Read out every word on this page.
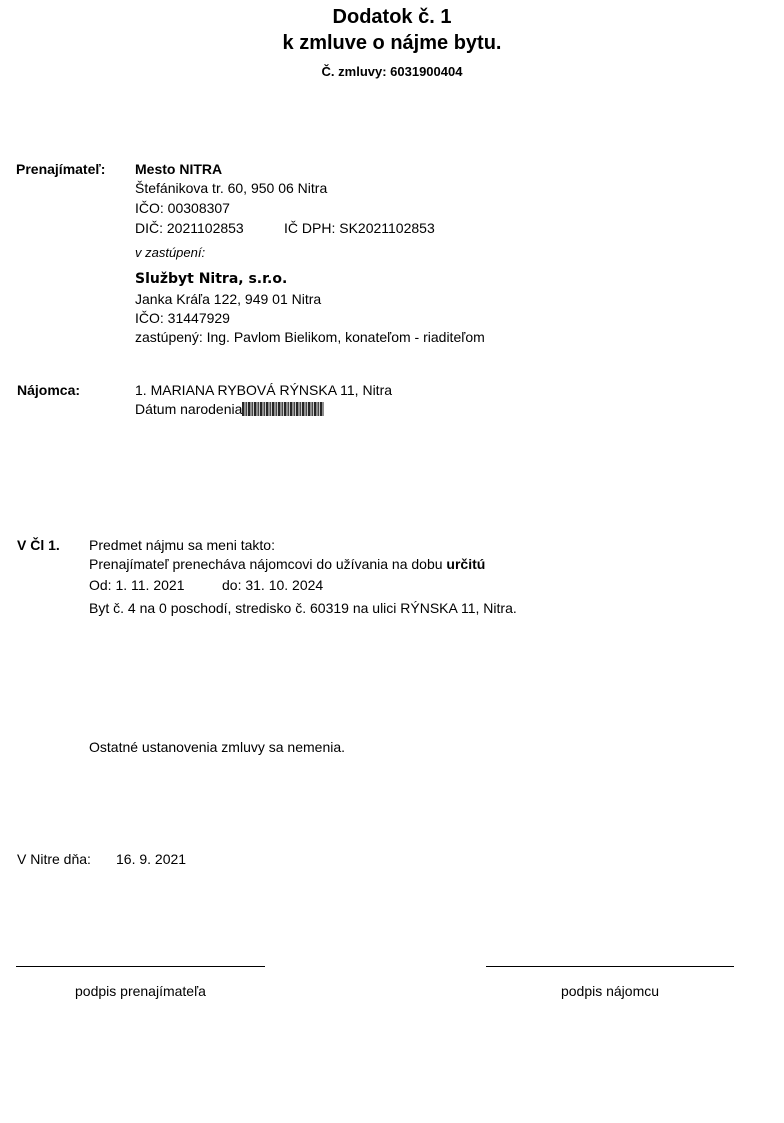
Dodatok č. 1
k zmluve o nájme bytu.
Č. zmluvy: 6031900404
Prenajímateľ: Mesto NITRA
Štefánikova tr. 60, 950 06 Nitra
IČO: 00308307
DIČ: 2021102853	IČ DPH: SK2021102853
v zastúpení:
Službyt Nitra, s.r.o.
Janka Kráľa 122, 949 01 Nitra
IČO: 31447929
zastúpený: Ing. Pavlom Bielikom, konateľom - riaditeľom
Nájomca:	1. MARIANA RYBOVÁ RÝNSKA 11, Nitra
Dátum narodenia
V Čl 1. Predmet nájmu sa meni takto:
Prenajímateľ prenecháva nájomcovi do užívania na dobu určitú
Od: 1. 11. 2021	do: 31. 10. 2024
Byt č. 4 na 0 poschodí, stredisko č. 60319 na ulici RÝNSKA 11, Nitra.
Ostatné ustanovenia zmluvy sa nemenia.
V Nitre dňa: 16. 9. 2021
podpis prenajímateľa	podpis nájomcu
